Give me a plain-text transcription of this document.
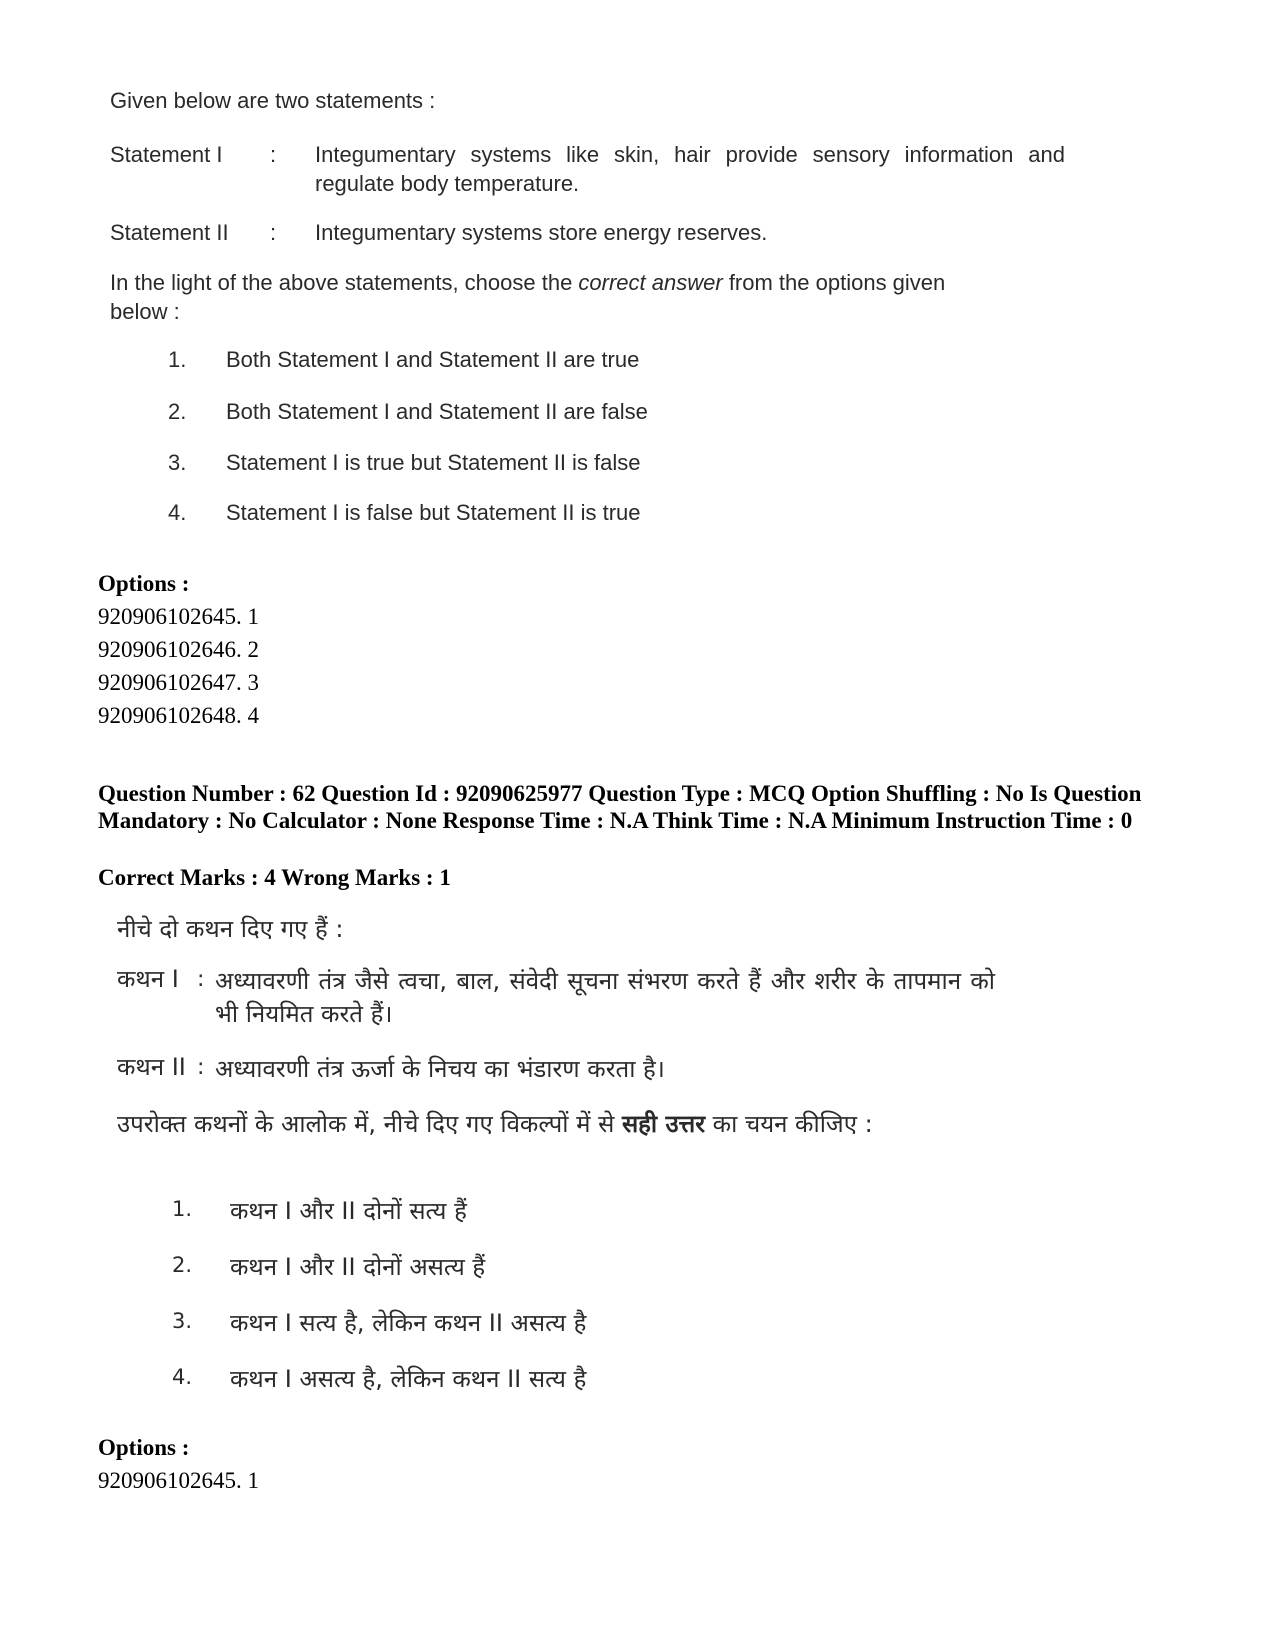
Given below are two statements :

Statement I : Integumentary systems like skin, hair provide sensory information and regulate body temperature.
Statement II : Integumentary systems store energy reserves.
In the light of the above statements, choose the correct answer from the options given below :
1. Both Statement I and Statement II are true
2. Both Statement I and Statement II are false
3. Statement I is true but Statement II is false
4. Statement I is false but Statement II is true
Options :
920906102645. 1
920906102646. 2
920906102647. 3
920906102648. 4
Question Number : 62 Question Id : 92090625977 Question Type : MCQ Option Shuffling : No Is Question Mandatory : No Calculator : None Response Time : N.A Think Time : N.A Minimum Instruction Time : 0
Correct Marks : 4 Wrong Marks : 1
नीचे दो कथन दिए गए हैं :
कथन I : अध्यावरणी तंत्र जैसे त्वचा, बाल, संवेदी सूचना संभरण करते हैं और शरीर के तापमान को भी नियमित करते हैं।
कथन II : अध्यावरणी तंत्र ऊर्जा के निचय का भंडारण करता है।
उपरोक्त कथनों के आलोक में, नीचे दिए गए विकल्पों में से सही उत्तर का चयन कीजिए :
1. कथन I और II दोनों सत्य हैं
2. कथन I और II दोनों असत्य हैं
3. कथन I सत्य है, लेकिन कथन II असत्य है
4. कथन I असत्य है, लेकिन कथन II सत्य है
Options :
920906102645. 1
